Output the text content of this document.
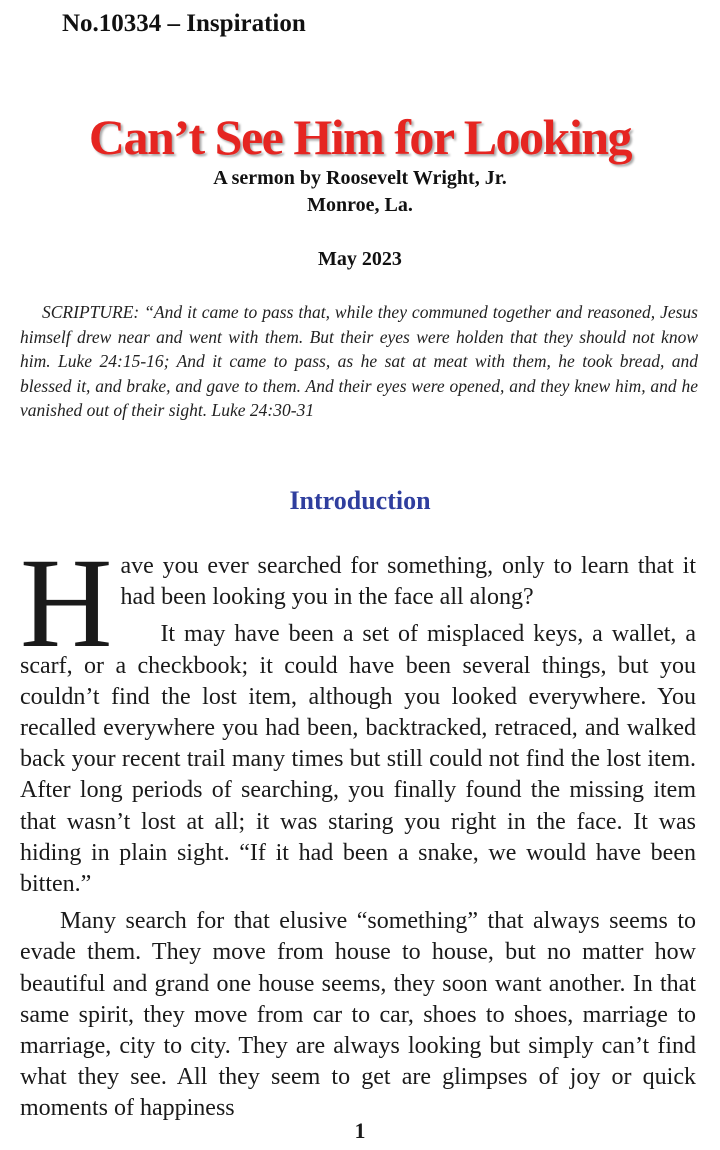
No.10334 – Inspiration
Can’t See Him for Looking
A sermon by Roosevelt Wright, Jr.
Monroe, La.
May 2023
SCRIPTURE: “And it came to pass that, while they communed together and reasoned, Jesus himself drew near and went with them. But their eyes were holden that they should not know him. Luke 24:15-16; And it came to pass, as he sat at meat with them, he took bread, and blessed it, and brake, and gave to them. And their eyes were opened, and they knew him, and he vanished out of their sight. Luke 24:30-31
Introduction

Have you ever searched for something, only to learn that it had been looking you in the face all along?

It may have been a set of misplaced keys, a wallet, a scarf, or a checkbook; it could have been several things, but you couldn’t find the lost item, although you looked everywhere. You recalled everywhere you had been, backtracked, retraced, and walked back your recent trail many times but still could not find the lost item. After long periods of searching, you finally found the missing item that wasn’t lost at all; it was staring you right in the face. It was hiding in plain sight. “If it had been a snake, we would have been bitten.”

Many search for that elusive “something” that always seems to evade them. They move from house to house, but no matter how beautiful and grand one house seems, they soon want another. In that same spirit, they move from car to car, shoes to shoes, marriage to marriage, city to city. They are always looking but simply can’t find what they see. All they seem to get are glimpses of joy or quick moments of happiness

1
